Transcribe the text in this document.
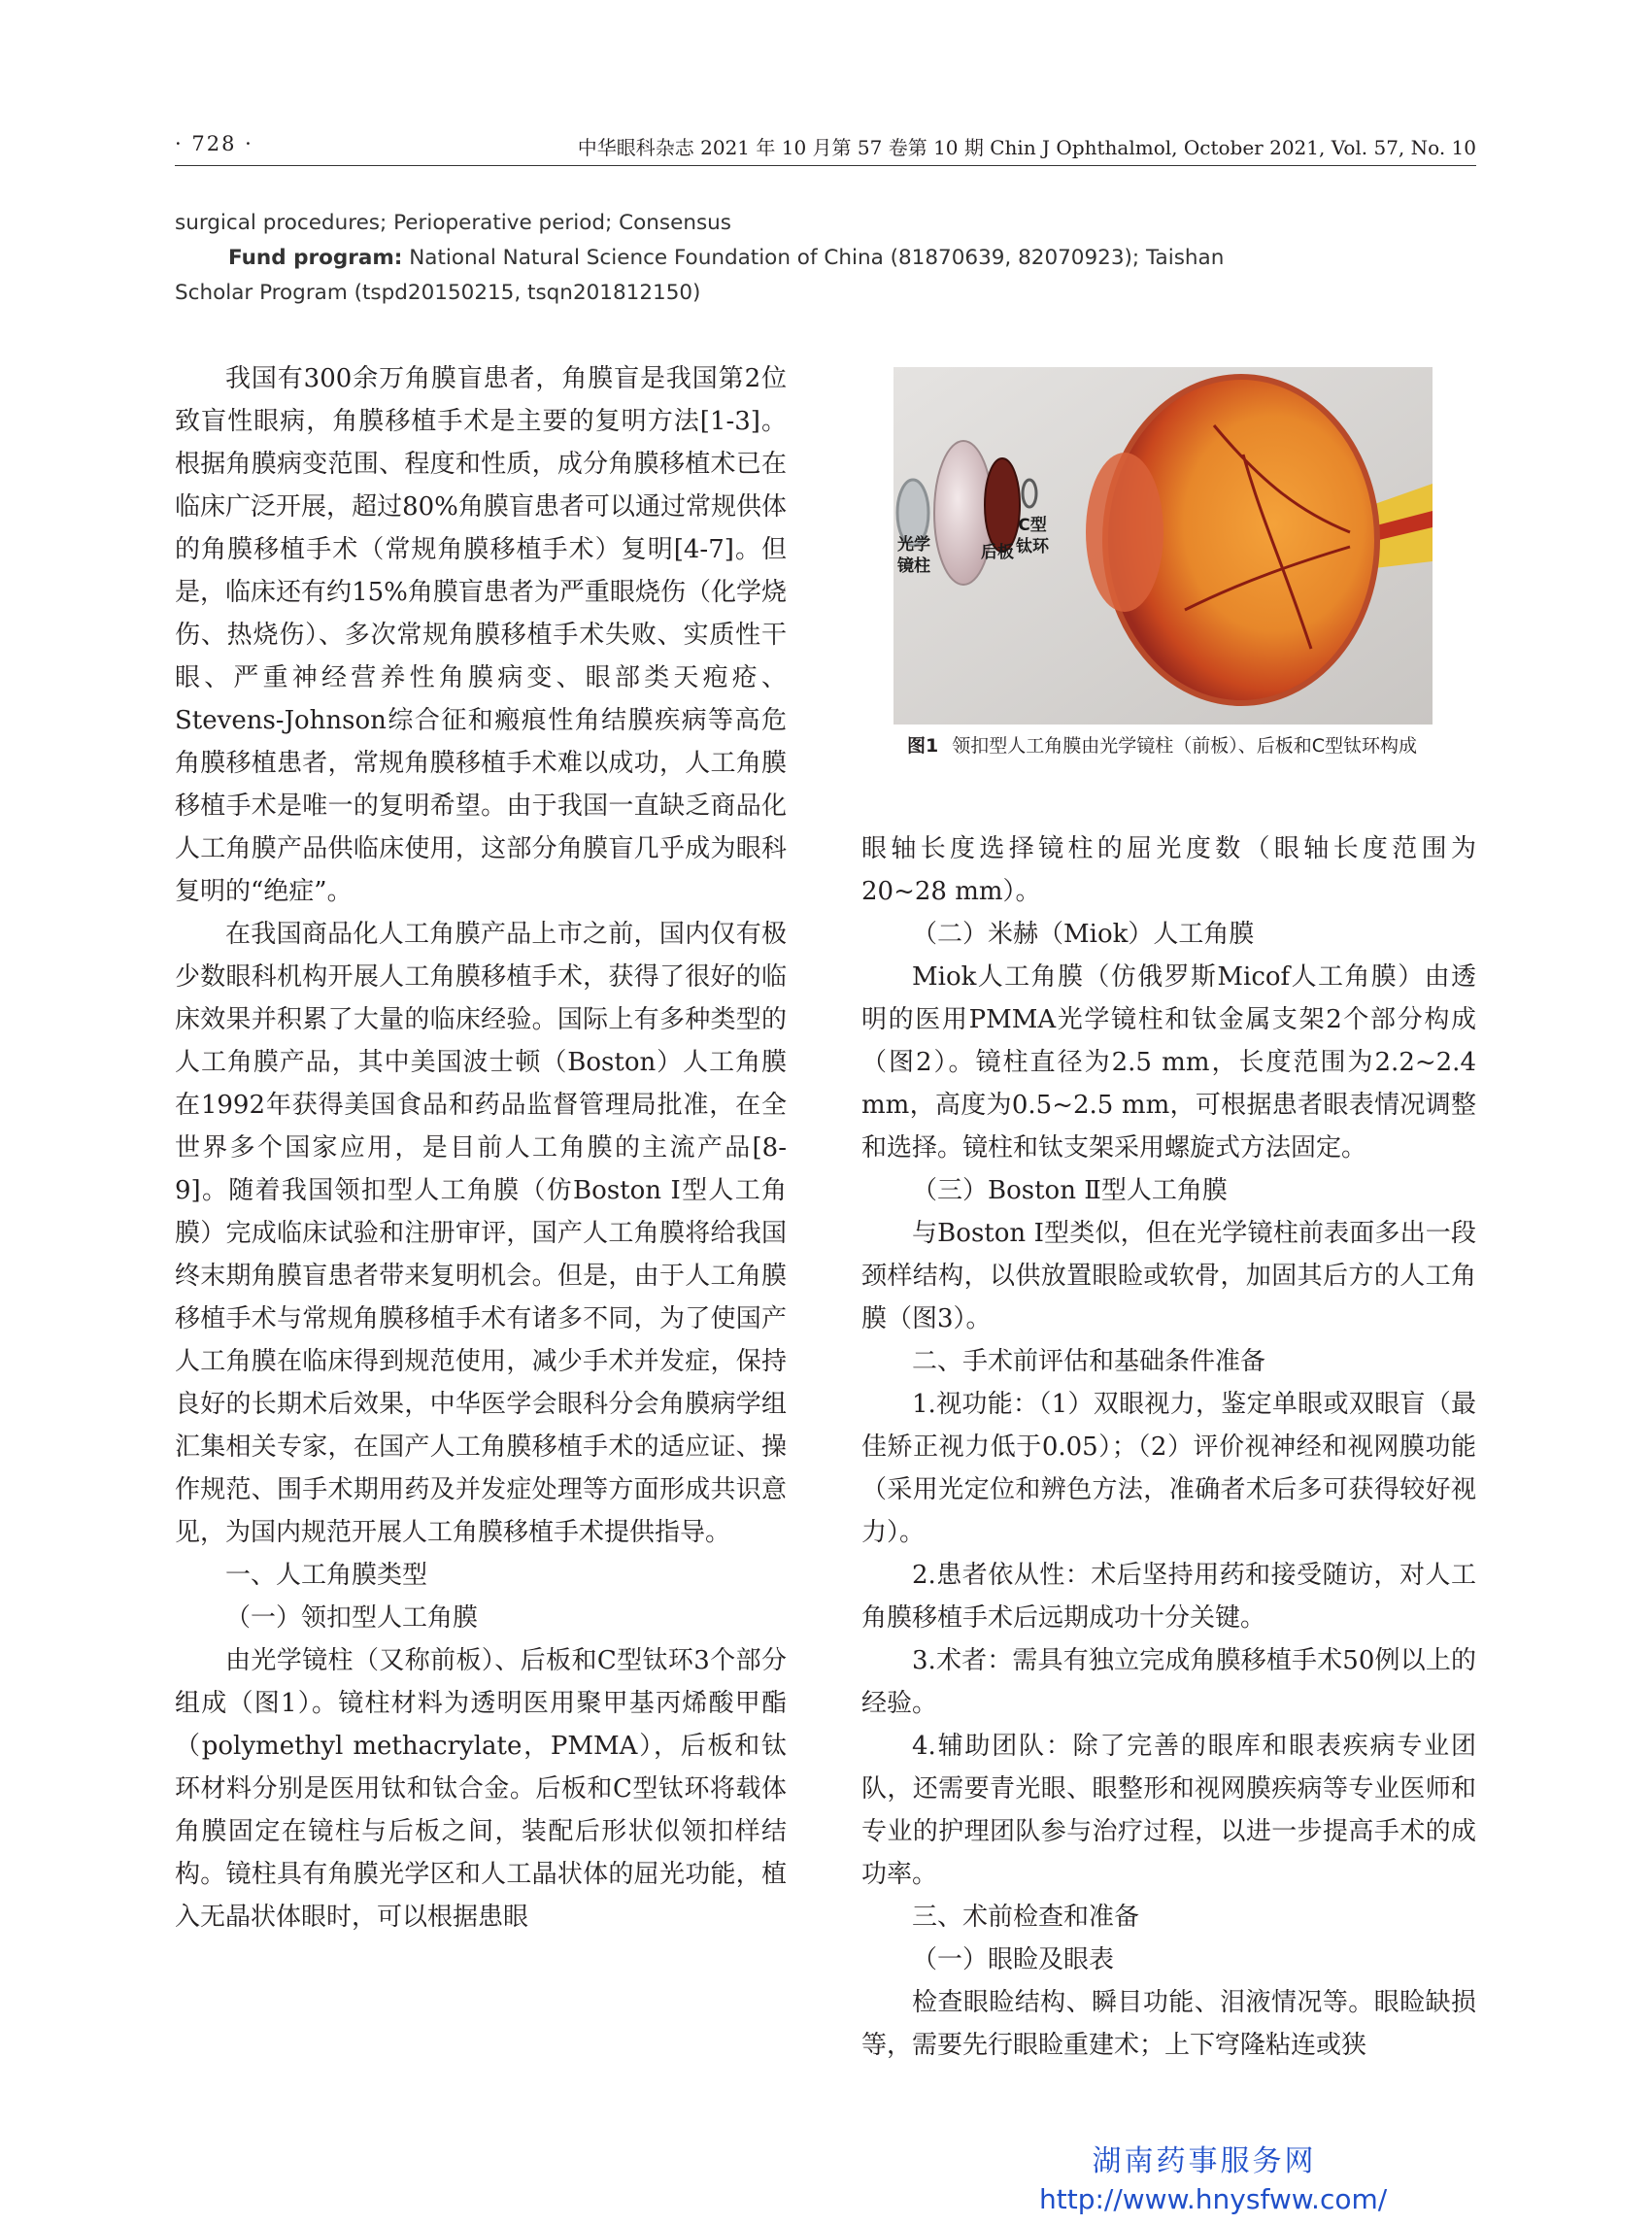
· 728 ·	中华眼科杂志 2021 年 10 月第 57 卷第 10 期 Chin J Ophthalmol, October 2021, Vol. 57, No. 10
surgical procedures; Perioperative period; Consensus
Fund program: National Natural Science Foundation of China (81870639, 82070923); Taishan
Scholar Program (tspd20150215, tsqn201812150)

我国有300余万角膜盲患者，角膜盲是我国第2位致盲性眼病，角膜移植手术是主要的复明方法[1-3]。根据角膜病变范围、程度和性质，成分角膜移植术已在临床广泛开展，超过80%角膜盲患者可以通过常规供体的角膜移植手术（常规角膜移植手术）复明[4-7]。但是，临床还有约15%角膜盲患者为严重眼烧伤（化学烧伤、热烧伤）、多次常规角膜移植手术失败、实质性干眼、严重神经营养性角膜病变、眼部类天疱疮、Stevens-Johnson综合征和瘢痕性角结膜疾病等高危角膜移植患者，常规角膜移植手术难以成功，人工角膜移植手术是唯一的复明希望。由于我国一直缺乏商品化人工角膜产品供临床使用，这部分角膜盲几乎成为眼科复明的“绝症”。

在我国商品化人工角膜产品上市之前，国内仅有极少数眼科机构开展人工角膜移植手术，获得了很好的临床效果并积累了大量的临床经验。国际上有多种类型的人工角膜产品，其中美国波士顿（Boston）人工角膜在1992年获得美国食品和药品监督管理局批准，在全世界多个国家应用，是目前人工角膜的主流产品[8-9]。随着我国领扣型人工角膜（仿Boston Ⅰ型人工角膜）完成临床试验和注册审评，国产人工角膜将给我国终末期角膜盲患者带来复明机会。但是，由于人工角膜移植手术与常规角膜移植手术有诸多不同，为了使国产人工角膜在临床得到规范使用，减少手术并发症，保持良好的长期术后效果，中华医学会眼科分会角膜病学组汇集相关专家，在国产人工角膜移植手术的适应证、操作规范、围手术期用药及并发症处理等方面形成共识意见，为国内规范开展人工角膜移植手术提供指导。

一、人工角膜类型

（一）领扣型人工角膜

由光学镜柱（又称前板）、后板和C型钛环3个部分组成（图1）。镜柱材料为透明医用聚甲基丙烯酸甲酯（polymethyl methacrylate，PMMA），后板和钛环材料分别是医用钛和钛合金。后板和C型钛环将载体角膜固定在镜柱与后板之间，装配后形状似领扣样结构。镜柱具有角膜光学区和人工晶状体的屈光功能，植入无晶状体眼时，可以根据患眼

光学
镜柱
后板
C型
钛环
图1 领扣型人工角膜由光学镜柱（前板）、后板和C型钛环构成

眼轴长度选择镜柱的屈光度数（眼轴长度范围为20~28 mm）。

（二）米赫（Miok）人工角膜

Miok人工角膜（仿俄罗斯Micof人工角膜）由透明的医用PMMA光学镜柱和钛金属支架2个部分构成（图2）。镜柱直径为2.5 mm，长度范围为2.2~2.4 mm，高度为0.5~2.5 mm，可根据患者眼表情况调整和选择。镜柱和钛支架采用螺旋式方法固定。

（三）Boston Ⅱ型人工角膜

与Boston Ⅰ型类似，但在光学镜柱前表面多出一段颈样结构，以供放置眼睑或软骨，加固其后方的人工角膜（图3）。

二、手术前评估和基础条件准备

1.视功能：（1）双眼视力，鉴定单眼或双眼盲（最佳矫正视力低于0.05）；（2）评价视神经和视网膜功能（采用光定位和辨色方法，准确者术后多可获得较好视力）。

2.患者依从性：术后坚持用药和接受随访，对人工角膜移植手术后远期成功十分关键。

3.术者：需具有独立完成角膜移植手术50例以上的经验。

4.辅助团队：除了完善的眼库和眼表疾病专业团队，还需要青光眼、眼整形和视网膜疾病等专业医师和专业的护理团队参与治疗过程，以进一步提高手术的成功率。

三、术前检查和准备

（一）眼睑及眼表

检查眼睑结构、瞬目功能、泪液情况等。眼睑缺损等，需要先行眼睑重建术；上下穹隆粘连或狭

湖南药事服务网
http://www.hnysfww.com/
